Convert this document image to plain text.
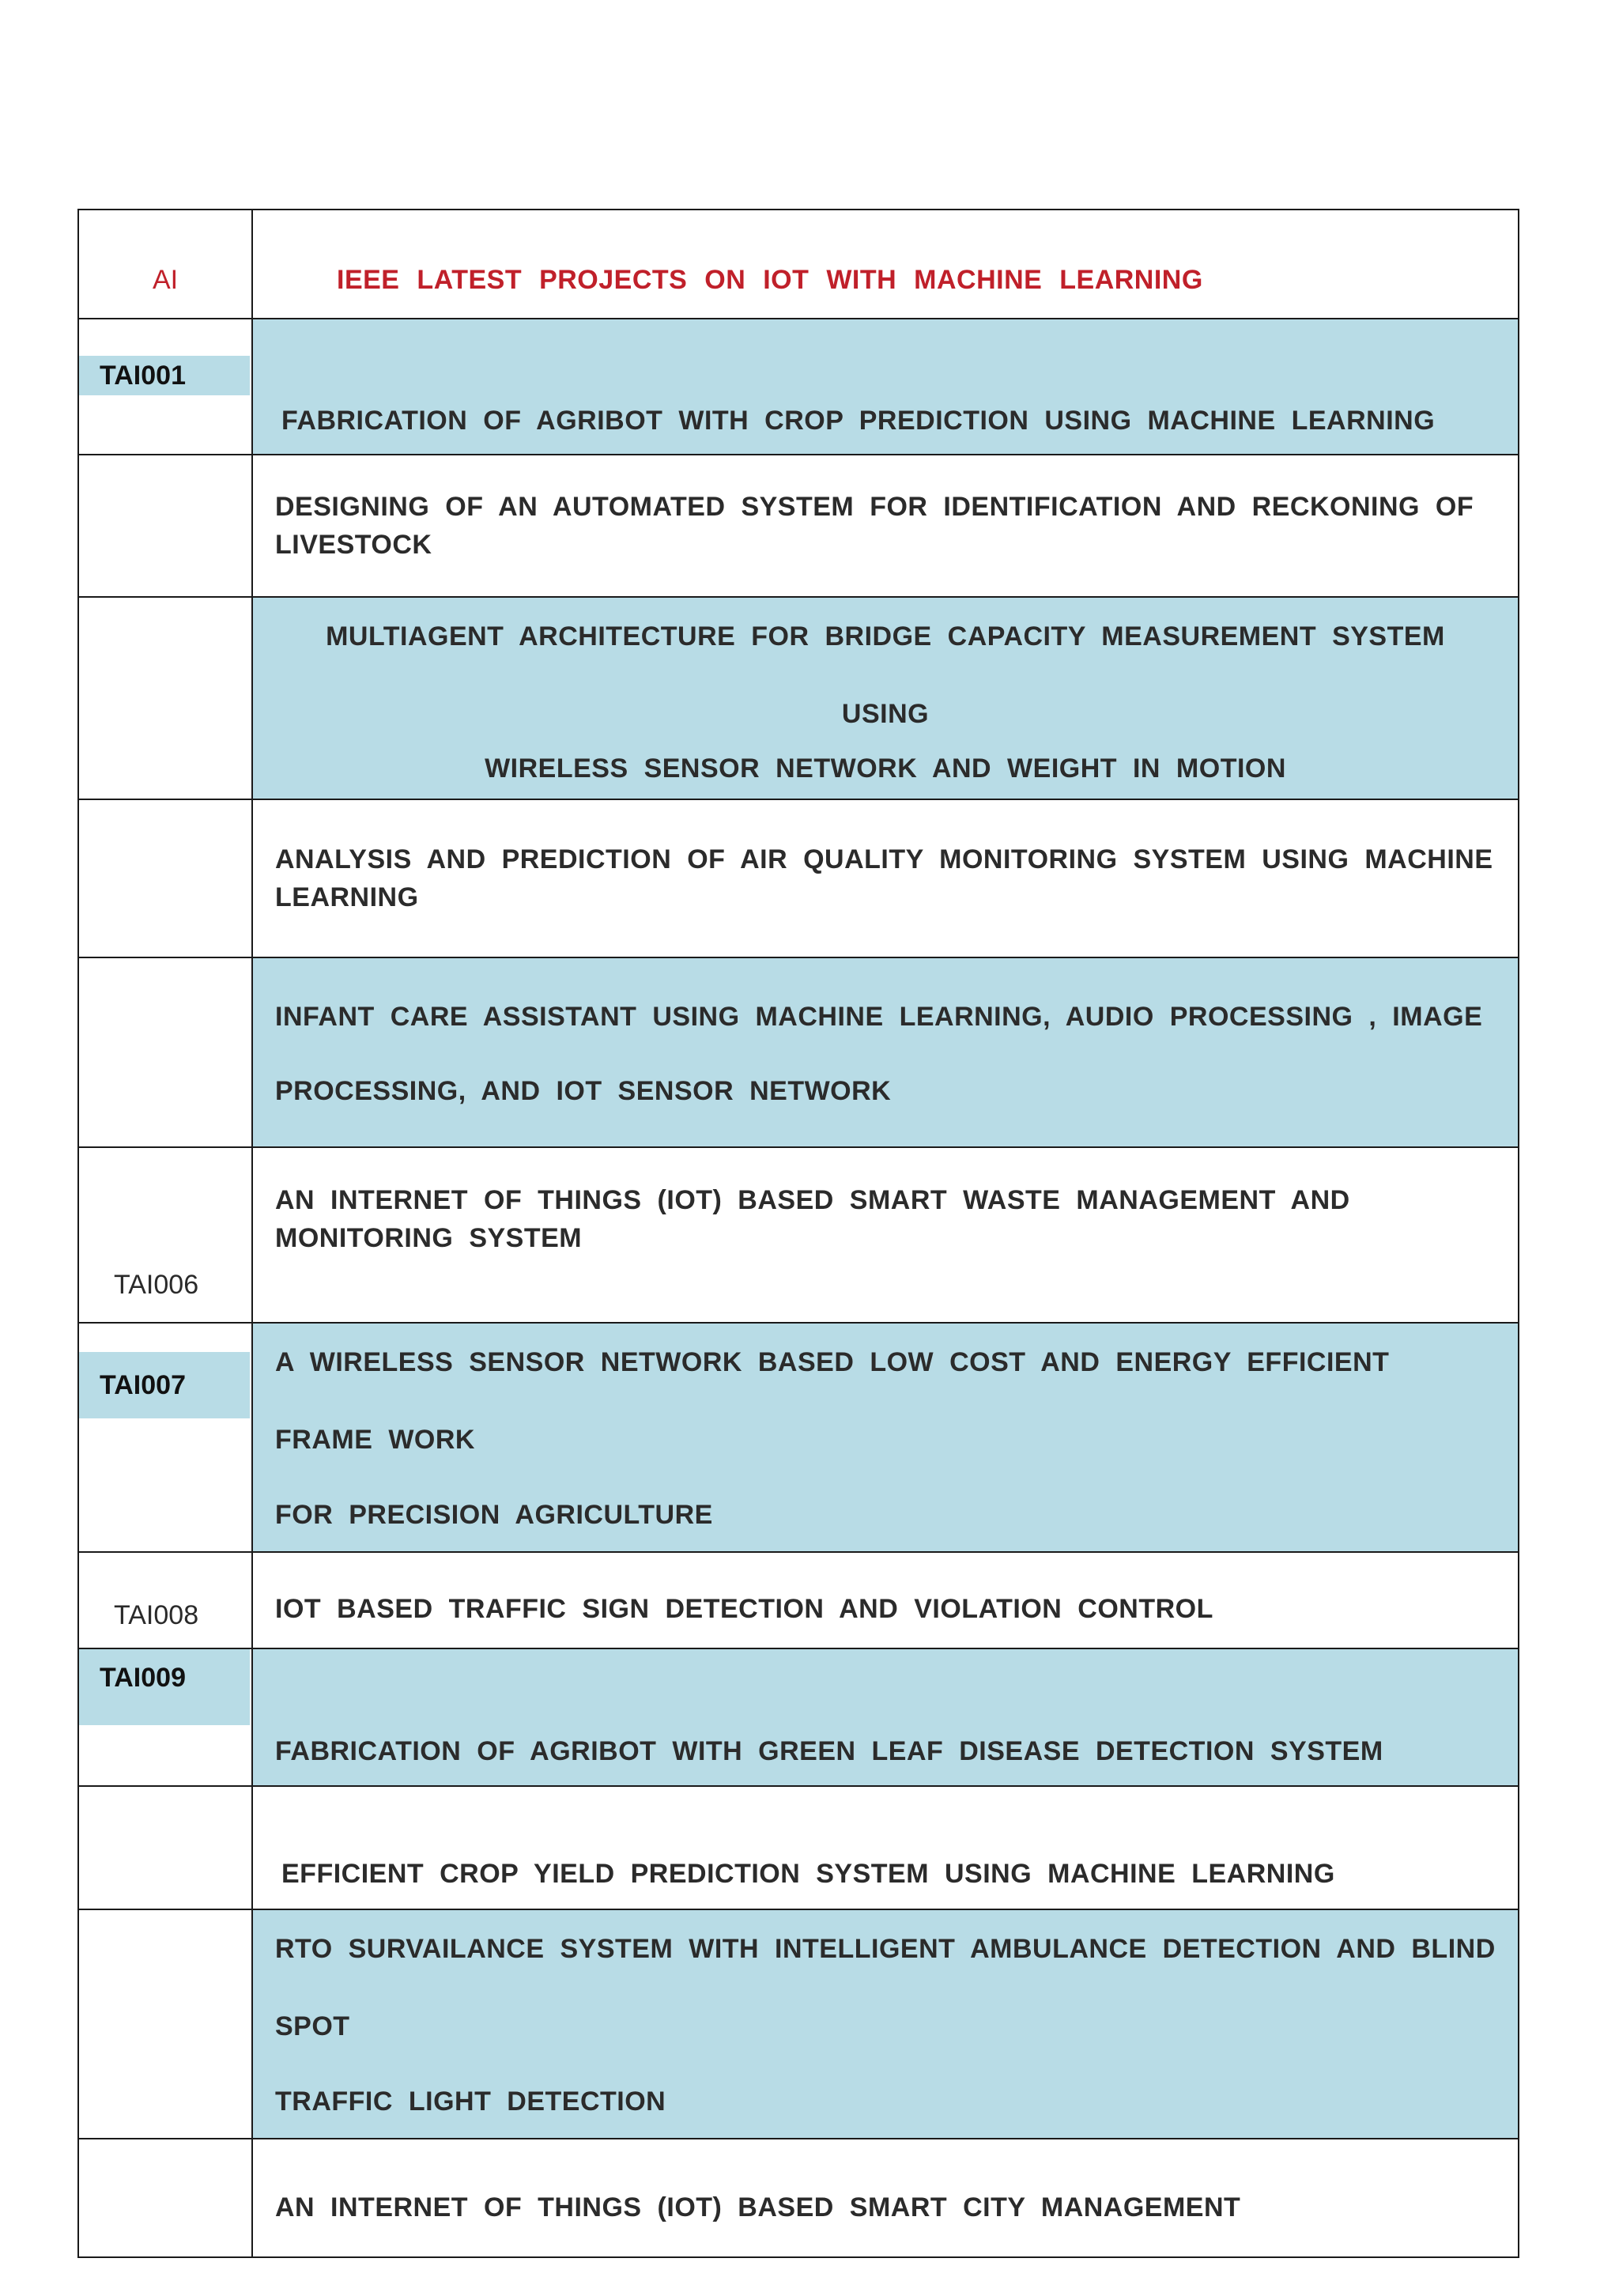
AI	IEEE LATEST PROJECTS ON IOT WITH MACHINE LEARNING

TAI001	FABRICATION OF AGRIBOT WITH CROP PREDICTION USING MACHINE LEARNING

	DESIGNING OF AN AUTOMATED SYSTEM FOR IDENTIFICATION AND RECKONING OF LIVESTOCK

	MULTIAGENT ARCHITECTURE FOR BRIDGE CAPACITY MEASUREMENT SYSTEM USING
WIRELESS SENSOR NETWORK AND WEIGHT IN MOTION

	ANALYSIS AND PREDICTION OF AIR QUALITY MONITORING SYSTEM USING MACHINE LEARNING

	INFANT CARE ASSISTANT USING MACHINE LEARNING, AUDIO PROCESSING , IMAGE
PROCESSING, AND IOT SENSOR NETWORK

TAI006	AN INTERNET OF THINGS (IOT) BASED SMART WASTE MANAGEMENT AND MONITORING SYSTEM

TAI007	A WIRELESS SENSOR NETWORK BASED LOW COST AND ENERGY EFFICIENT FRAME WORK
FOR PRECISION AGRICULTURE

TAI008	IOT BASED TRAFFIC SIGN DETECTION AND VIOLATION CONTROL

TAI009	FABRICATION OF AGRIBOT WITH GREEN LEAF DISEASE DETECTION SYSTEM

	EFFICIENT CROP YIELD PREDICTION SYSTEM USING MACHINE LEARNING

	RTO SURVAILANCE SYSTEM WITH INTELLIGENT AMBULANCE DETECTION AND BLIND SPOT
TRAFFIC LIGHT DETECTION

	AN INTERNET OF THINGS (IOT) BASED SMART CITY MANAGEMENT
